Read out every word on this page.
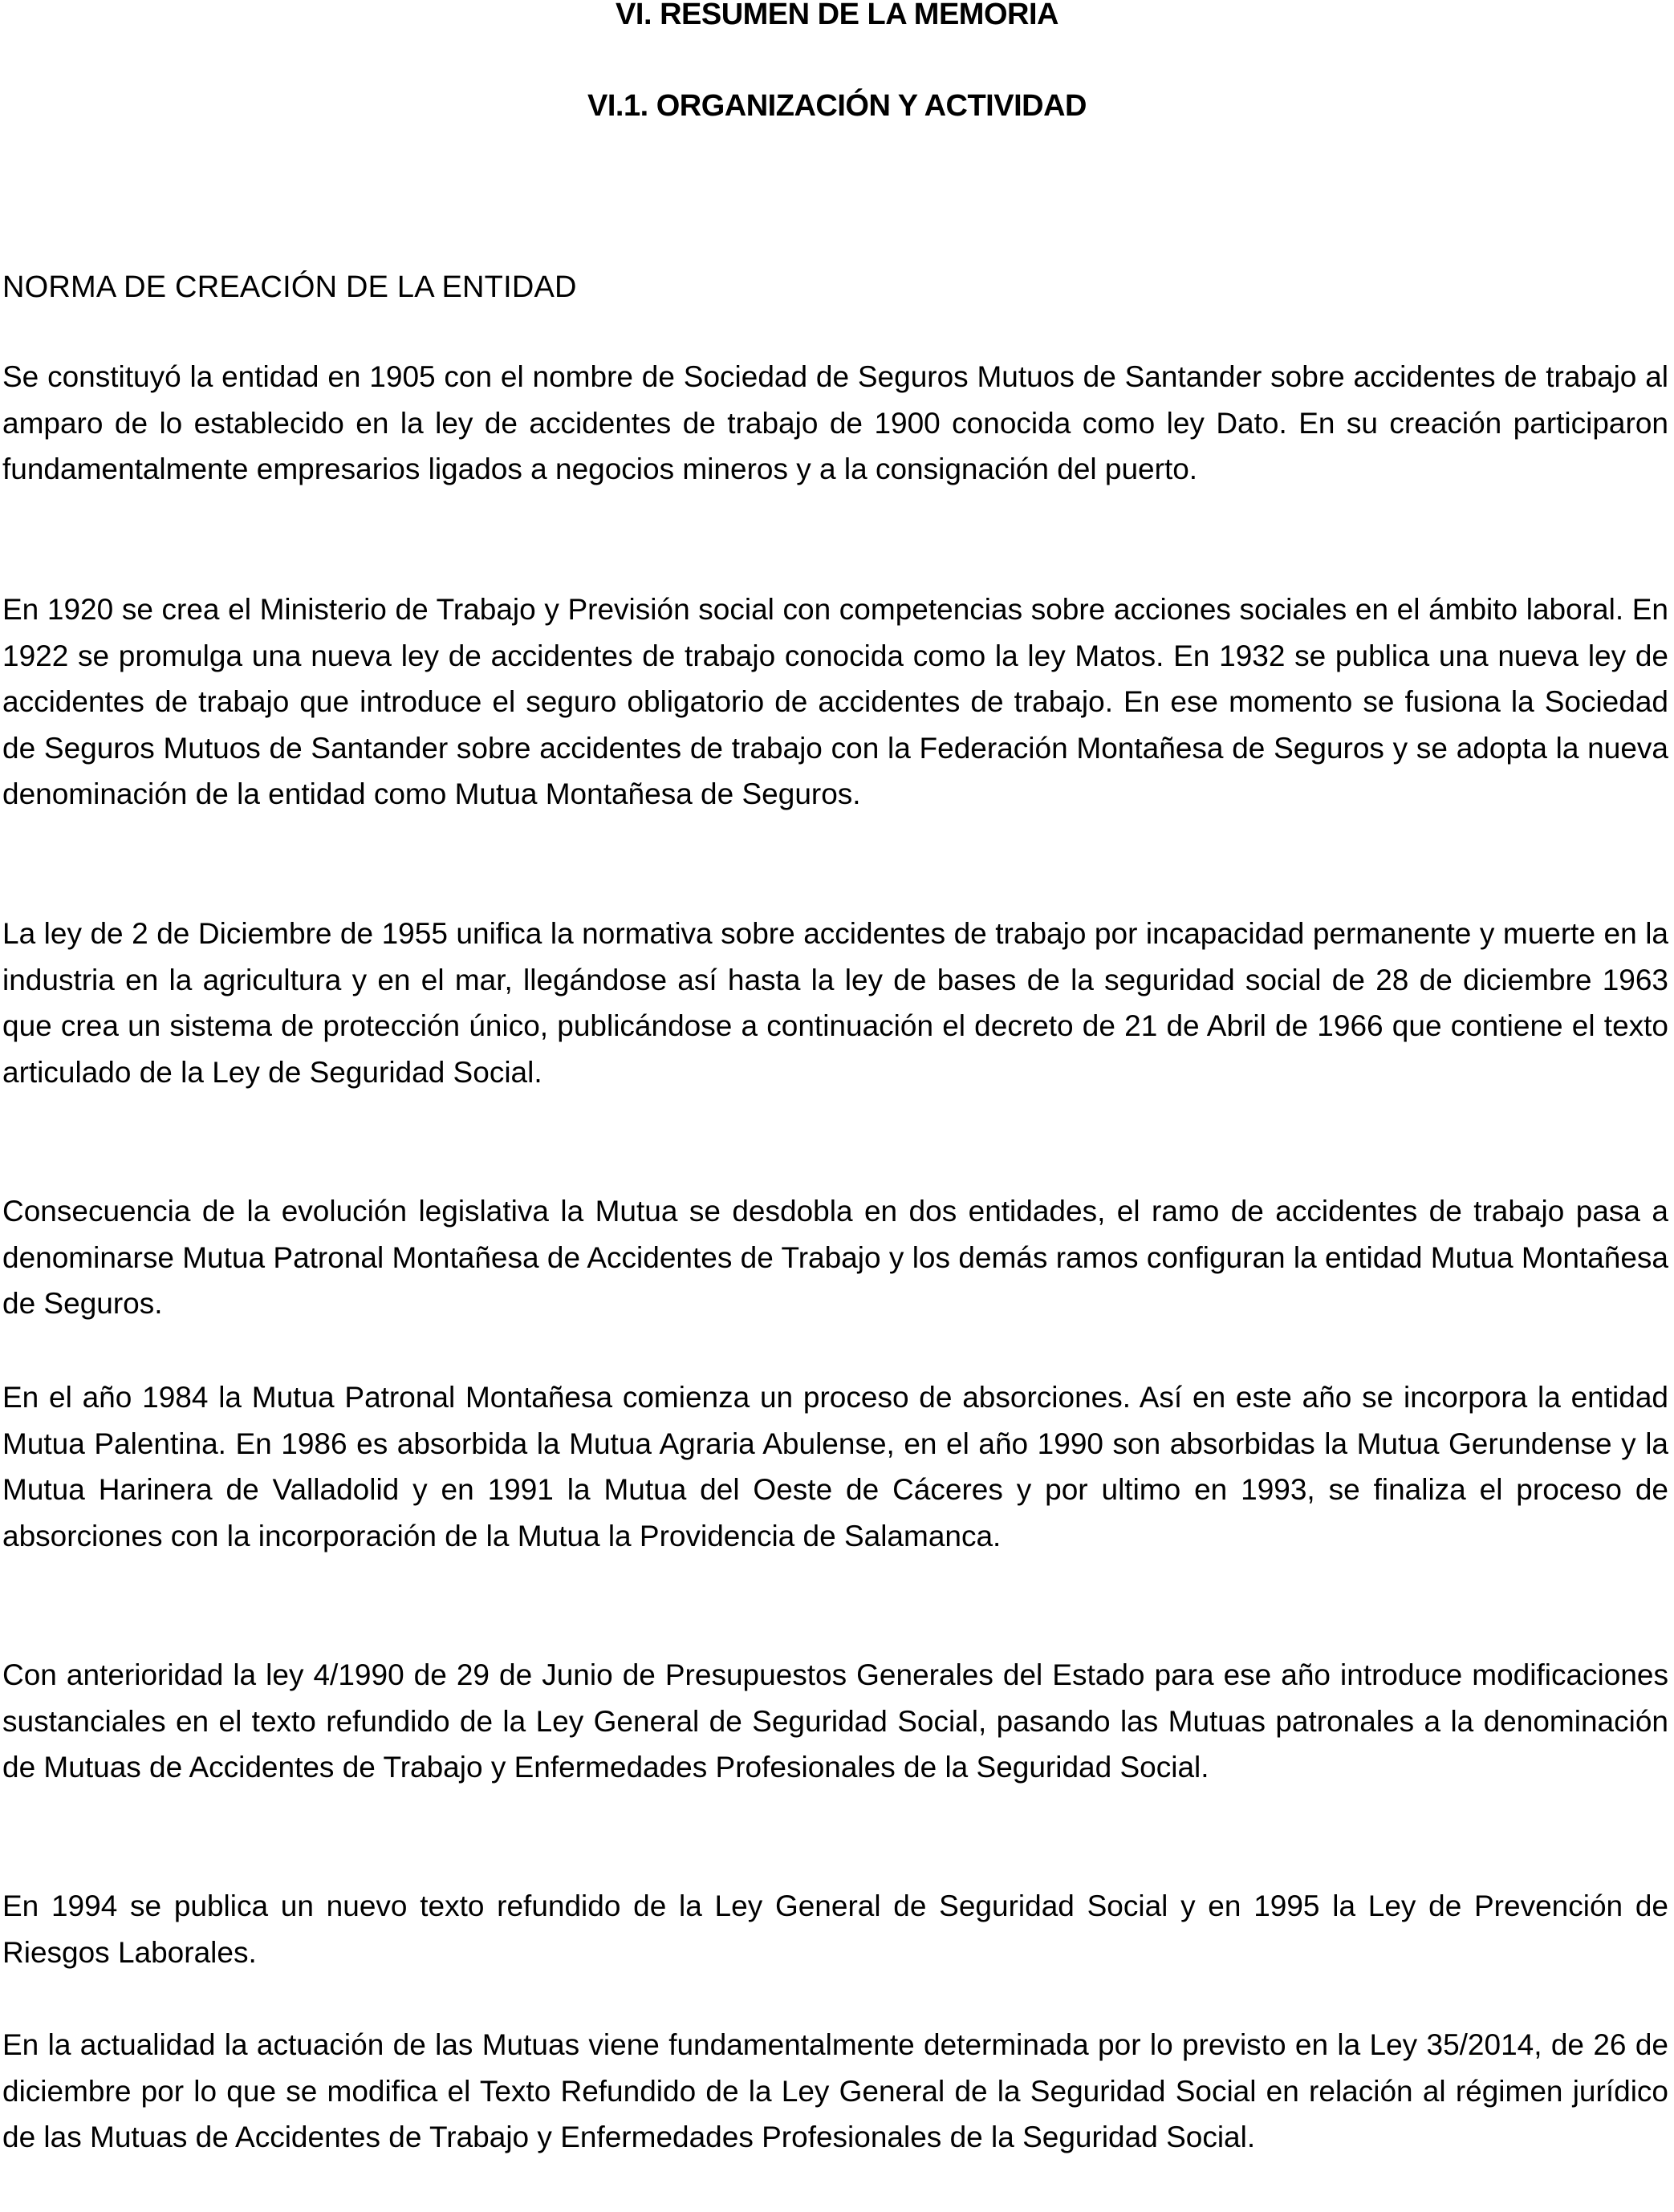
VI. RESUMEN DE LA MEMORIA
VI.1. ORGANIZACIÓN Y ACTIVIDAD
NORMA DE CREACIÓN DE LA ENTIDAD

Se constituyó la entidad en 1905 con el nombre de Sociedad de Seguros Mutuos de Santander sobre accidentes de trabajo al amparo de lo establecido en la ley de accidentes de trabajo de 1900 conocida como ley Dato. En su creación participaron fundamentalmente empresarios ligados a negocios mineros y a la consignación del puerto.

En 1920 se crea el Ministerio de Trabajo y Previsión social con competencias sobre acciones sociales en el ámbito laboral. En 1922 se promulga una nueva ley de accidentes de trabajo conocida como la ley Matos. En 1932 se publica una nueva ley de accidentes de trabajo que introduce el seguro obligatorio de accidentes de trabajo. En ese momento se fusiona la Sociedad de Seguros Mutuos de Santander sobre accidentes de trabajo con la Federación Montañesa de Seguros y se adopta la nueva denominación de la entidad como Mutua Montañesa de Seguros.

La ley de 2 de Diciembre de 1955 unifica la normativa sobre accidentes de trabajo por incapacidad permanente y muerte en la industria en la agricultura y en el mar, llegándose así hasta la ley de bases de la seguridad social de 28 de diciembre 1963 que crea un sistema de protección único, publicándose a continuación el decreto de 21 de Abril de 1966 que contiene el texto articulado de la Ley de Seguridad Social.

Consecuencia de la evolución legislativa la Mutua se desdobla en dos entidades, el ramo de accidentes de trabajo pasa a denominarse Mutua Patronal Montañesa de Accidentes de Trabajo y los demás ramos configuran la entidad Mutua Montañesa de Seguros.

En el año 1984 la Mutua Patronal Montañesa comienza un proceso de absorciones. Así en este año se incorpora la entidad Mutua Palentina. En 1986 es absorbida la Mutua Agraria Abulense, en el año 1990 son absorbidas la Mutua Gerundense y la Mutua Harinera de Valladolid y en 1991 la Mutua del Oeste de Cáceres y por ultimo en 1993, se finaliza el proceso de absorciones con la incorporación de la Mutua la Providencia de Salamanca.

Con anterioridad la ley 4/1990 de 29 de Junio de Presupuestos Generales del Estado para ese año introduce modificaciones sustanciales en el texto refundido de la Ley General de Seguridad Social, pasando las Mutuas patronales a la denominación de Mutuas de Accidentes de Trabajo y Enfermedades Profesionales de la Seguridad Social.

En 1994 se publica un nuevo texto refundido de la Ley General de Seguridad Social y en 1995 la Ley de Prevención de Riesgos Laborales.

En la actualidad la actuación de las Mutuas viene fundamentalmente determinada por lo previsto en la Ley 35/2014, de 26 de diciembre por lo que se modifica el Texto Refundido de la Ley General de la Seguridad Social en relación al régimen jurídico de las Mutuas de Accidentes de Trabajo y Enfermedades Profesionales de la Seguridad Social.
